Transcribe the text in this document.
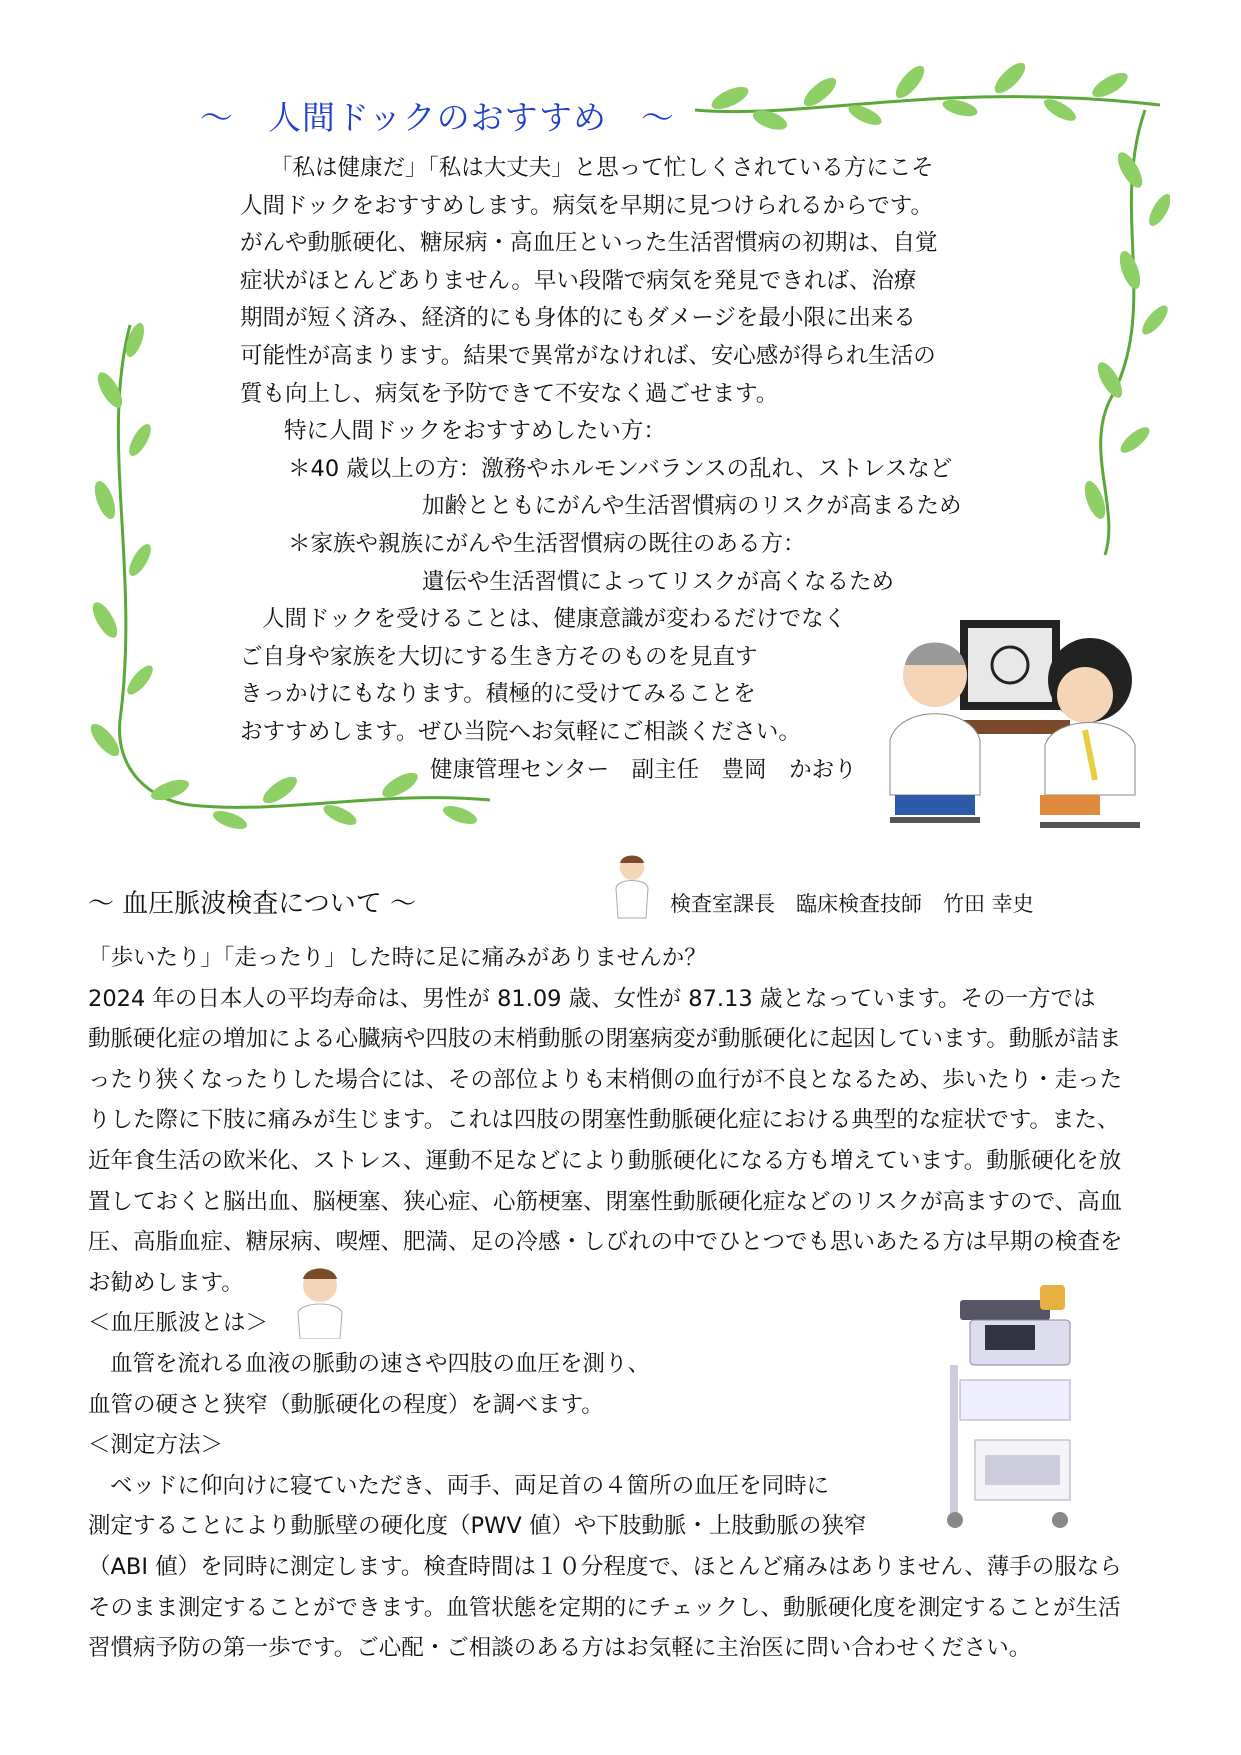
～　人間ドックのおすすめ　～
「私は健康だ」「私は大丈夫」と思って忙しくされている方にこそ
人間ドックをおすすめします。病気を早期に見つけられるからです。
がんや動脈硬化、糖尿病・高血圧といった生活習慣病の初期は、自覚
症状がほとんどありません。早い段階で病気を発見できれば、治療
期間が短く済み、経済的にも身体的にもダメージを最小限に出来る
可能性が高まります。結果で異常がなければ、安心感が得られ生活の
質も向上し、病気を予防できて不安なく過ごせます。
特に人間ドックをおすすめしたい方：
＊40 歳以上の方：激務やホルモンバランスの乱れ、ストレスなど
加齢とともにがんや生活習慣病のリスクが高まるため
＊家族や親族にがんや生活習慣病の既往のある方：
遺伝や生活習慣によってリスクが高くなるため
人間ドックを受けることは、健康意識が変わるだけでなく
ご自身や家族を大切にする生き方そのものを見直す
きっかけにもなります。積極的に受けてみることを
おすすめします。ぜひ当院へお気軽にご相談ください。
健康管理センター　副主任　豊岡　かおり
～ 血圧脈波検査について ～	検査室課長　臨床検査技師　竹田 幸史
「歩いたり」「走ったり」した時に足に痛みがありませんか？
2024 年の日本人の平均寿命は、男性が 81.09 歳、女性が 87.13 歳となっています。その一方では
動脈硬化症の増加による心臓病や四肢の末梢動脈の閉塞病変が動脈硬化に起因しています。動脈が詰ま
ったり狭くなったりした場合には、その部位よりも末梢側の血行が不良となるため、歩いたり・走った
りした際に下肢に痛みが生じます。これは四肢の閉塞性動脈硬化症における典型的な症状です。また、
近年食生活の欧米化、ストレス、運動不足などにより動脈硬化になる方も増えています。動脈硬化を放
置しておくと脳出血、脳梗塞、狭心症、心筋梗塞、閉塞性動脈硬化症などのリスクが高ますので、高血
圧、高脂血症、糖尿病、喫煙、肥満、足の冷感・しびれの中でひとつでも思いあたる方は早期の検査を
お勧めします。
＜血圧脈波とは＞
血管を流れる血液の脈動の速さや四肢の血圧を測り、
血管の硬さと狭窄（動脈硬化の程度）を調べます。
＜測定方法＞
ベッドに仰向けに寝ていただき、両手、両足首の４箇所の血圧を同時に
測定することにより動脈壁の硬化度（PWV 値）や下肢動脈・上肢動脈の狭窄
（ABI 値）を同時に測定します。検査時間は１０分程度で、ほとんど痛みはありません、薄手の服なら
そのまま測定することができます。血管状態を定期的にチェックし、動脈硬化度を測定することが生活
習慣病予防の第一歩です。ご心配・ご相談のある方はお気軽に主治医に問い合わせください。
